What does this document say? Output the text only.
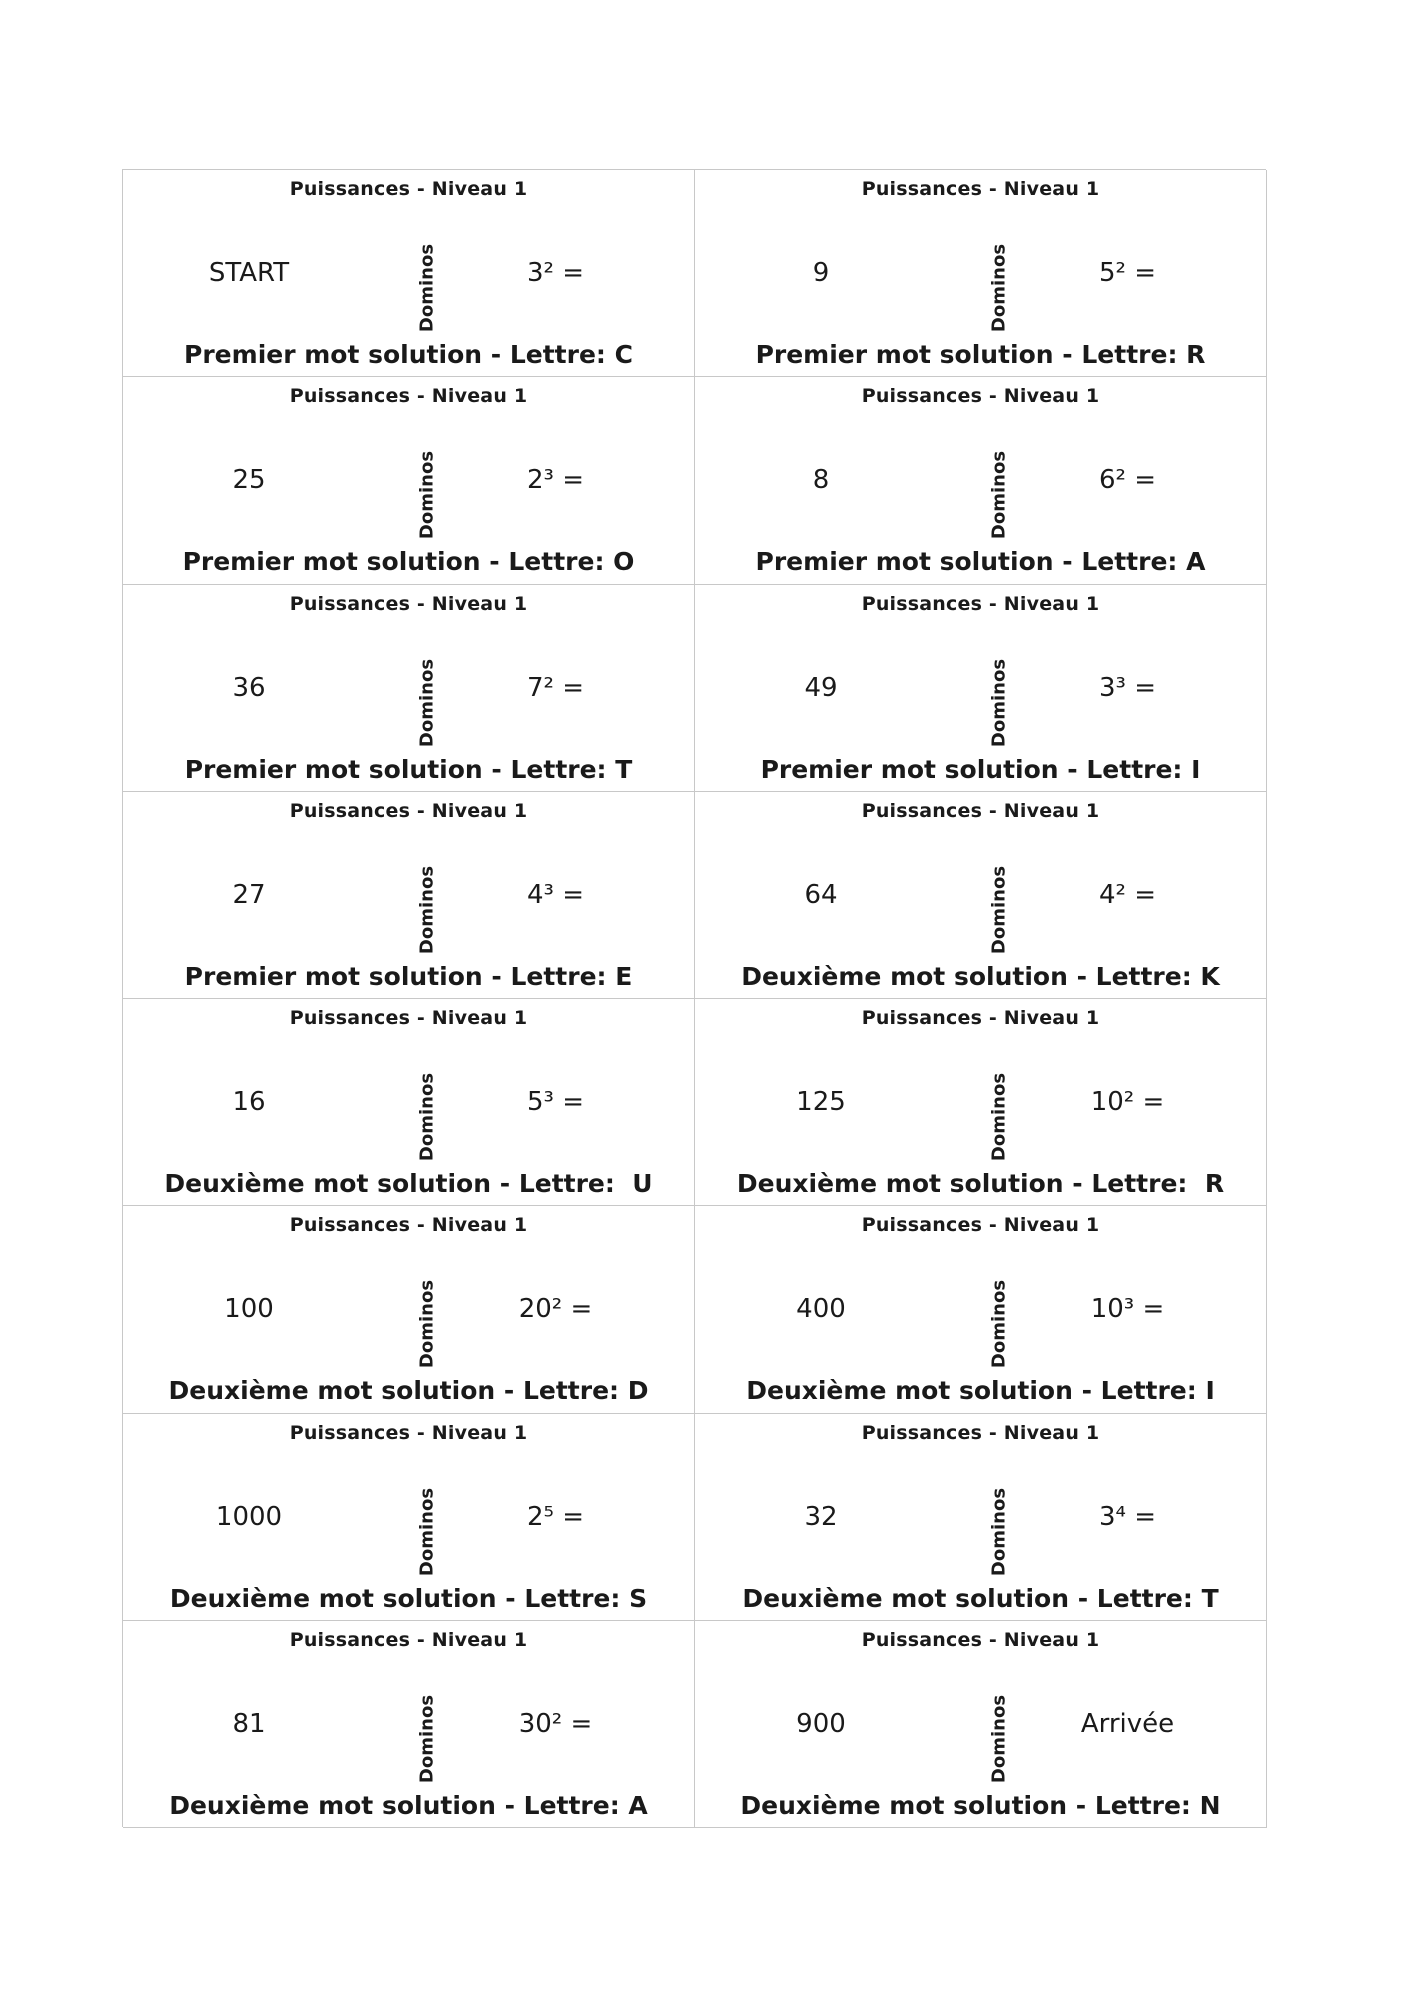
Puissances - Niveau 1
START	Dominos	3² =
Premier mot solution - Lettre: C
Puissances - Niveau 1
9	Dominos	5² =
Premier mot solution - Lettre: R
Puissances - Niveau 1
25	Dominos	2³ =
Premier mot solution - Lettre: O
Puissances - Niveau 1
8	Dominos	6² =
Premier mot solution - Lettre: A
Puissances - Niveau 1
36	Dominos	7² =
Premier mot solution - Lettre: T
Puissances - Niveau 1
49	Dominos	3³ =
Premier mot solution - Lettre: I
Puissances - Niveau 1
27	Dominos	4³ =
Premier mot solution - Lettre: E
Puissances - Niveau 1
64	Dominos	4² =
Deuxième mot solution - Lettre: K
Puissances - Niveau 1
16	Dominos	5³ =
Deuxième mot solution - Lettre:  U
Puissances - Niveau 1
125	Dominos	10² =
Deuxième mot solution - Lettre:  R
Puissances - Niveau 1
100	Dominos	20² =
Deuxième mot solution - Lettre: D
Puissances - Niveau 1
400	Dominos	10³ =
Deuxième mot solution - Lettre: I
Puissances - Niveau 1
1000	Dominos	2⁵ =
Deuxième mot solution - Lettre: S
Puissances - Niveau 1
32	Dominos	3⁴ =
Deuxième mot solution - Lettre: T
Puissances - Niveau 1
81	Dominos	30² =
Deuxième mot solution - Lettre: A
Puissances - Niveau 1
900	Dominos	Arrivée
Deuxième mot solution - Lettre: N
